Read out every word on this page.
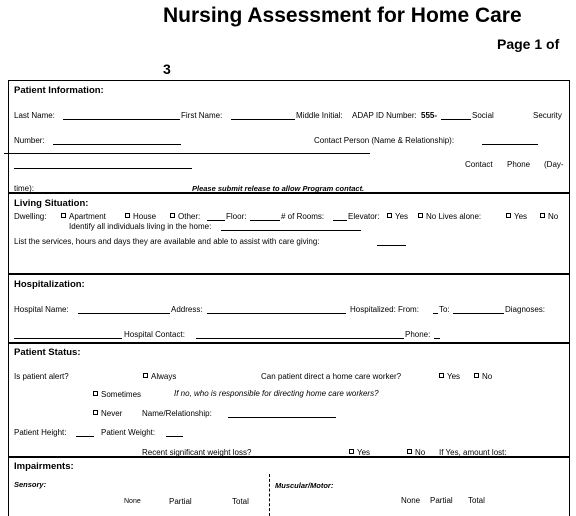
Nursing Assessment for Home Care
Page 1 of
3
Patient Information:
Last Name:	First Name:	Middle Initial: ADAP ID Number: 555-	Social	Security
Number:	Contact Person (Name & Relationship):
Contact Phone (Day-
time):	Please submit release to allow Program contact.
Living Situation:
Dwelling:	Apartment	House	Other:	Floor:	# of Rooms:	Elevator:	Yes	No Lives alone:	Yes	No
Identify all individuals living in the home:
List the services, hours and days they are available and able to assist with care giving:
Hospitalization:
Hospital Name:	Address:	Hospitalized: From:	To:	Diagnoses:
Hospital Contact:	Phone:
Patient Status:
Is patient alert?	Always	Can patient direct a home care worker?	Yes	No
Sometimes	If no, who is responsible for directing home care workers?
Never Name/Relationship:
Patient Height:	Patient Weight:
Recent significant weight loss?	Yes	No If Yes, amount lost:
Impairments:
Sensory:	Muscular/Motor:
None	Partial	Total	None Partial Total
